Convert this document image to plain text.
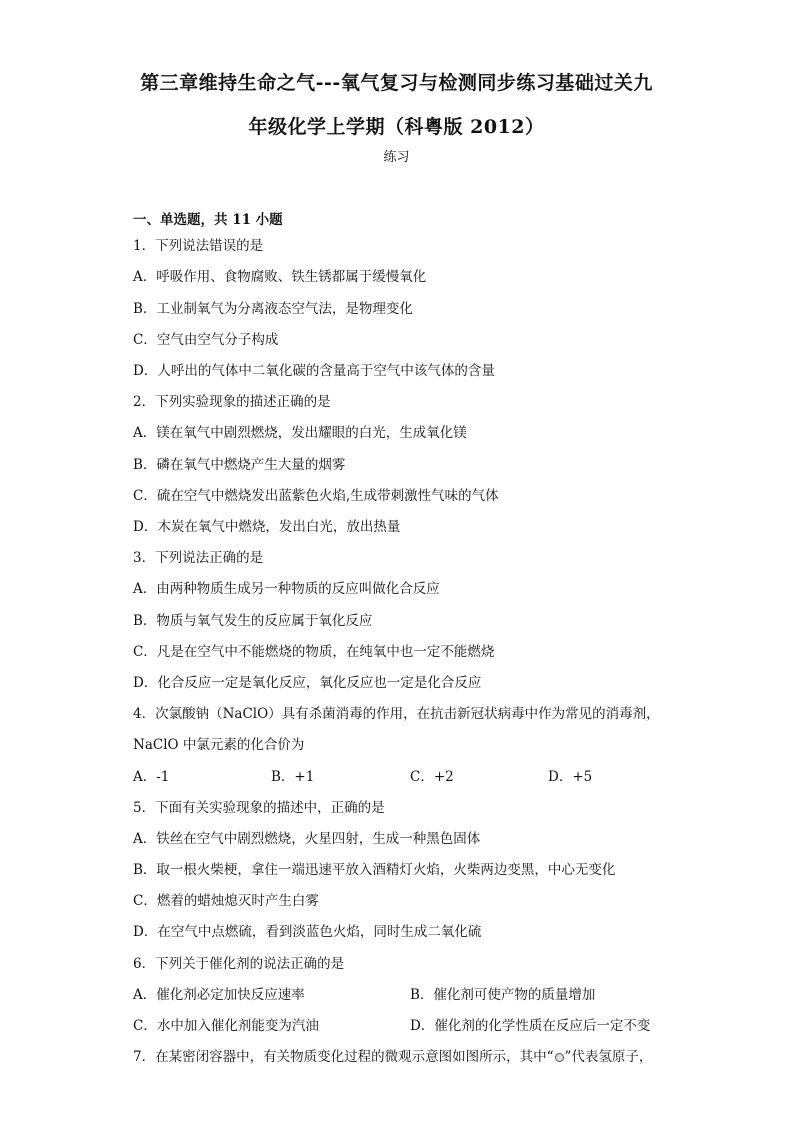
第三章维持生命之气---氧气复习与检测同步练习基础过关九
年级化学上学期（科粤版 2012）
练习
一、单选题，共 11 小题
1．下列说法错误的是
A．呼吸作用、食物腐败、铁生锈都属于缓慢氧化
B．工业制氧气为分离液态空气法，是物理变化
C．空气由空气分子构成
D．人呼出的气体中二氧化碳的含量高于空气中该气体的含量
2．下列实验现象的描述正确的是
A．镁在氧气中剧烈燃烧，发出耀眼的白光，生成氧化镁
B．磷在氧气中燃烧产生大量的烟雾
C．硫在空气中燃烧发出蓝紫色火焰,生成带刺激性气味的气体
D．木炭在氧气中燃烧，发出白光，放出热量
3．下列说法正确的是
A．由两种物质生成另一种物质的反应叫做化合反应
B．物质与氧气发生的反应属于氧化反应
C．凡是在空气中不能燃烧的物质，在纯氧中也一定不能燃烧
D．化合反应一定是氧化反应，氧化反应也一定是化合反应
4．次氯酸钠（NaClO）具有杀菌消毒的作用，在抗击新冠状病毒中作为常见的消毒剂，
NaClO 中氯元素的化合价为
A．-1	B．+1	C．+2	D．+5
5．下面有关实验现象的描述中，正确的是
A．铁丝在空气中剧烈燃烧，火星四射，生成一种黑色固体
B．取一根火柴梗，拿住一端迅速平放入酒精灯火焰，火柴两边变黑，中心无变化
C．燃着的蜡烛熄灭时产生白雾
D．在空气中点燃硫，看到淡蓝色火焰，同时生成二氧化硫
6．下列关于催化剂的说法正确的是
A．催化剂必定加快反应速率	B．催化剂可使产物的质量增加
C．水中加入催化剂能变为汽油	D．催化剂的化学性质在反应后一定不变
7．在某密闭容器中，有关物质变化过程的微观示意图如图所示，其中“ ”代表氢原子，
